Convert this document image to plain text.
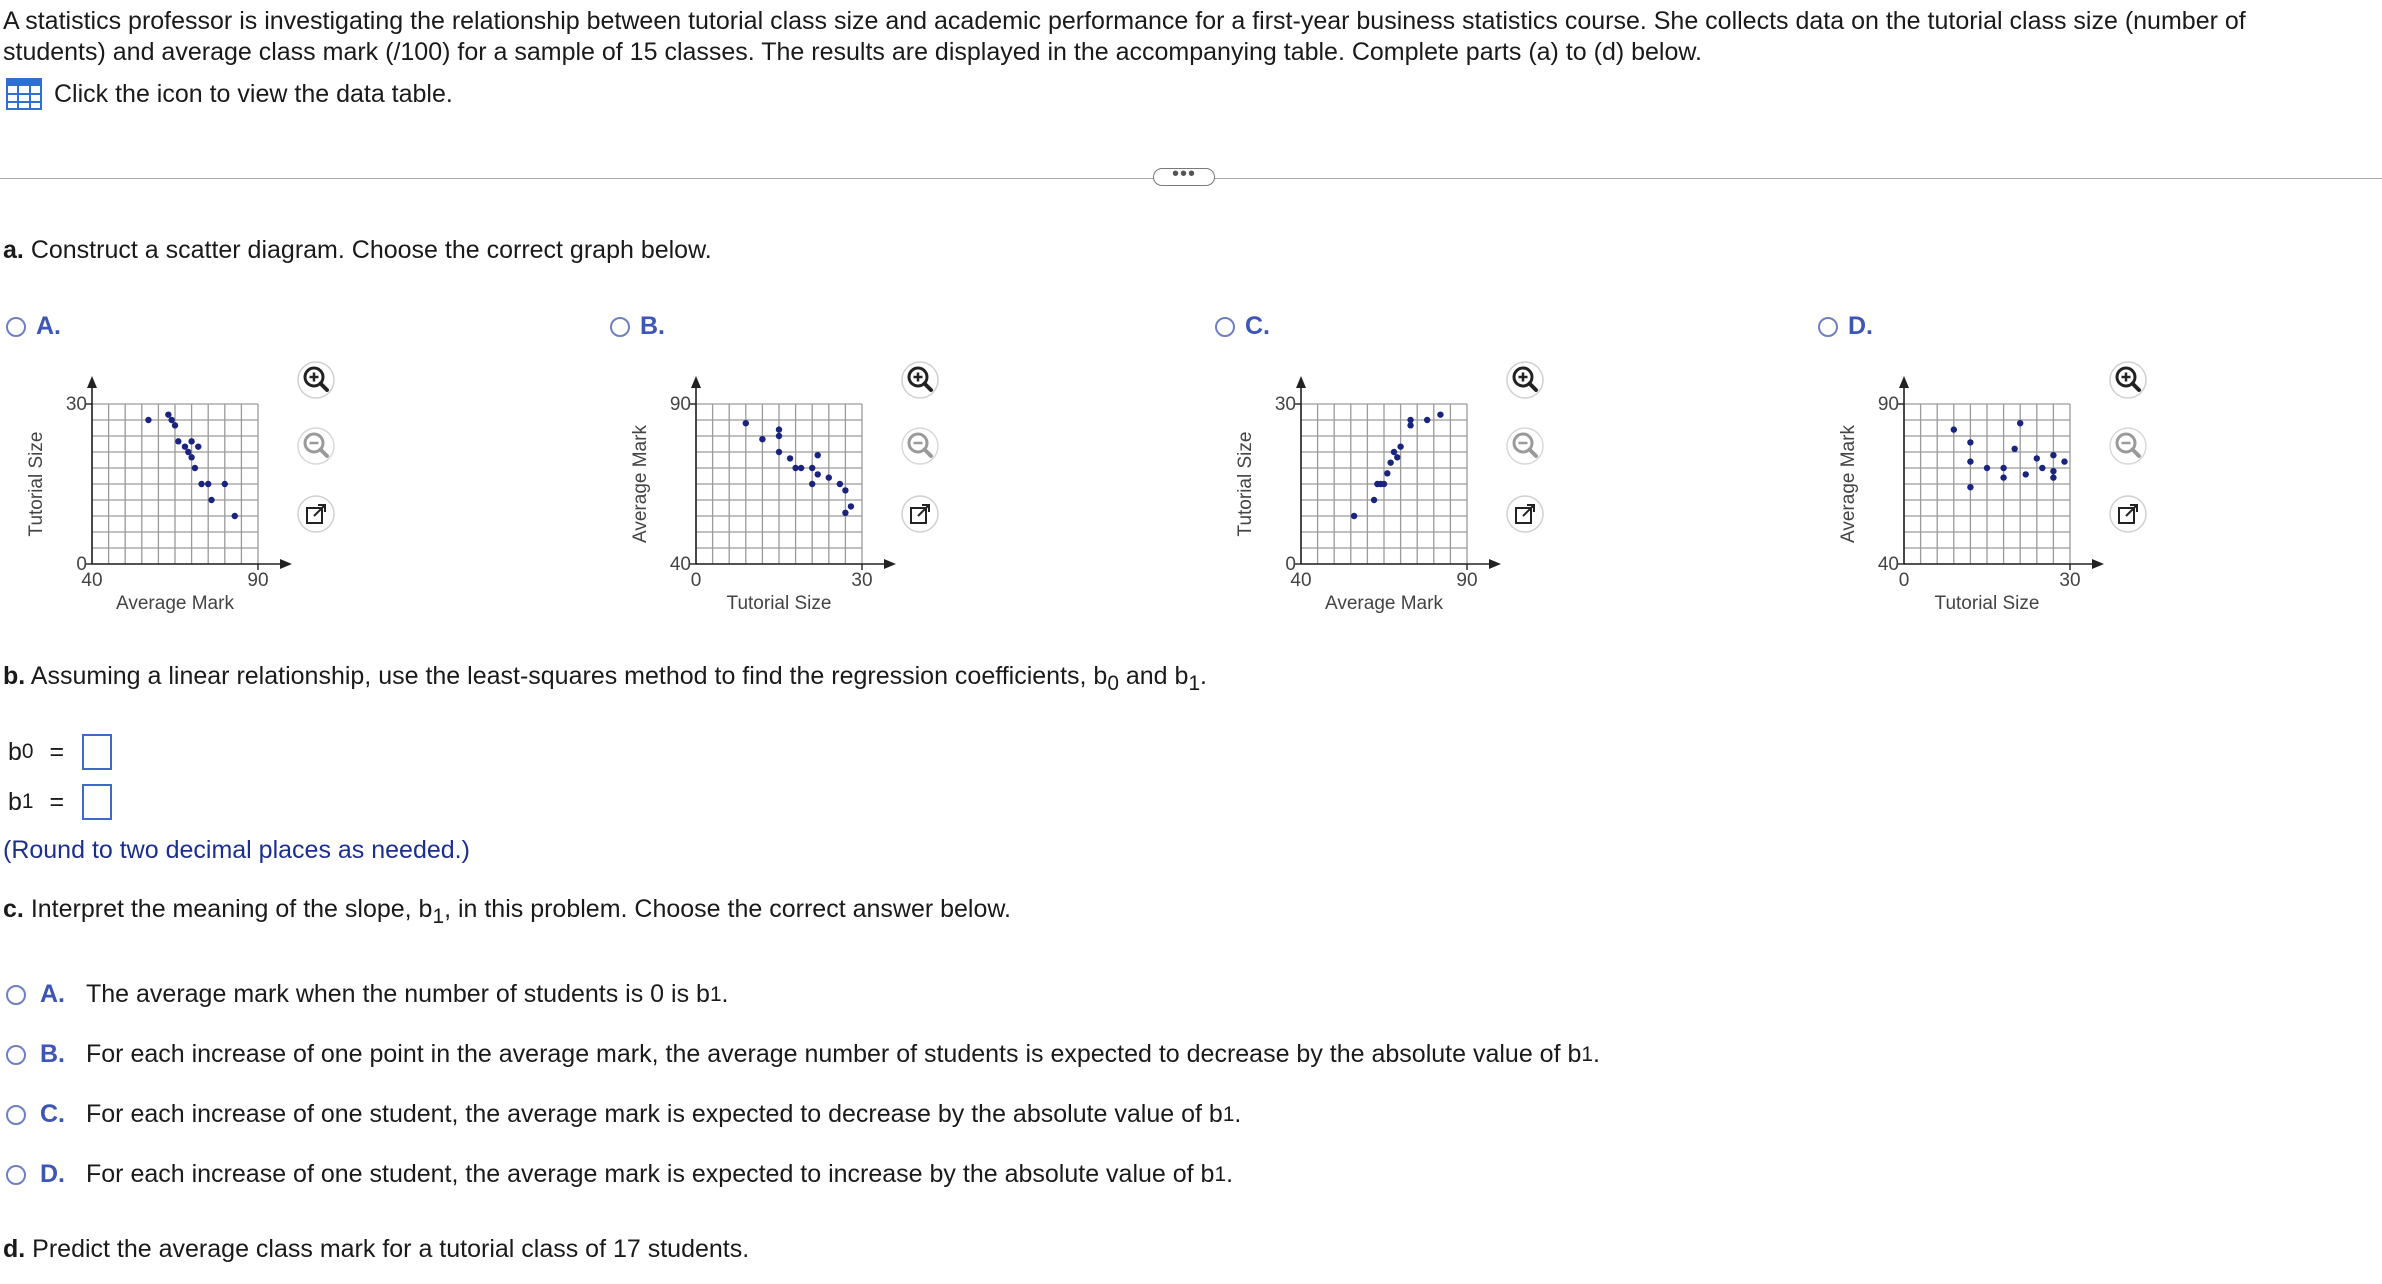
A statistics professor is investigating the relationship between tutorial class size and academic performance for a first-year business statistics course. She collects data on the tutorial class size (number of students) and average class mark (/100) for a sample of 15 classes. The results are displayed in the accompanying table. Complete parts (a) to (d) below.
Click the icon to view the data table.
•••
a. Construct a scatter diagram. Choose the correct graph below.
A.
30
0
40	90
Average Mark
Tutorial Size
B.
90
40
0	30
Tutorial Size
Average Mark
C.
30
0
40	90
Average Mark
Tutorial Size
D.
90
40
0	30
Tutorial Size
Average Mark
b. Assuming a linear relationship, use the least-squares method to find the regression coefficients, $b_0$ and $b_1$.
b 0 =
b 1 =
(Round to two decimal places as needed.)
c. Interpret the meaning of the slope, $b_1$, in this problem. Choose the correct answer below.
A. The average mark when the number of students is 0 is b 1 .
B. For each increase of one point in the average mark, the average number of students is expected to decrease by the absolute value of b 1 .
C. For each increase of one student, the average mark is expected to decrease by the absolute value of b 1 .
D. For each increase of one student, the average mark is expected to increase by the absolute value of b 1 .
d. Predict the average class mark for a tutorial class of 17 students.
